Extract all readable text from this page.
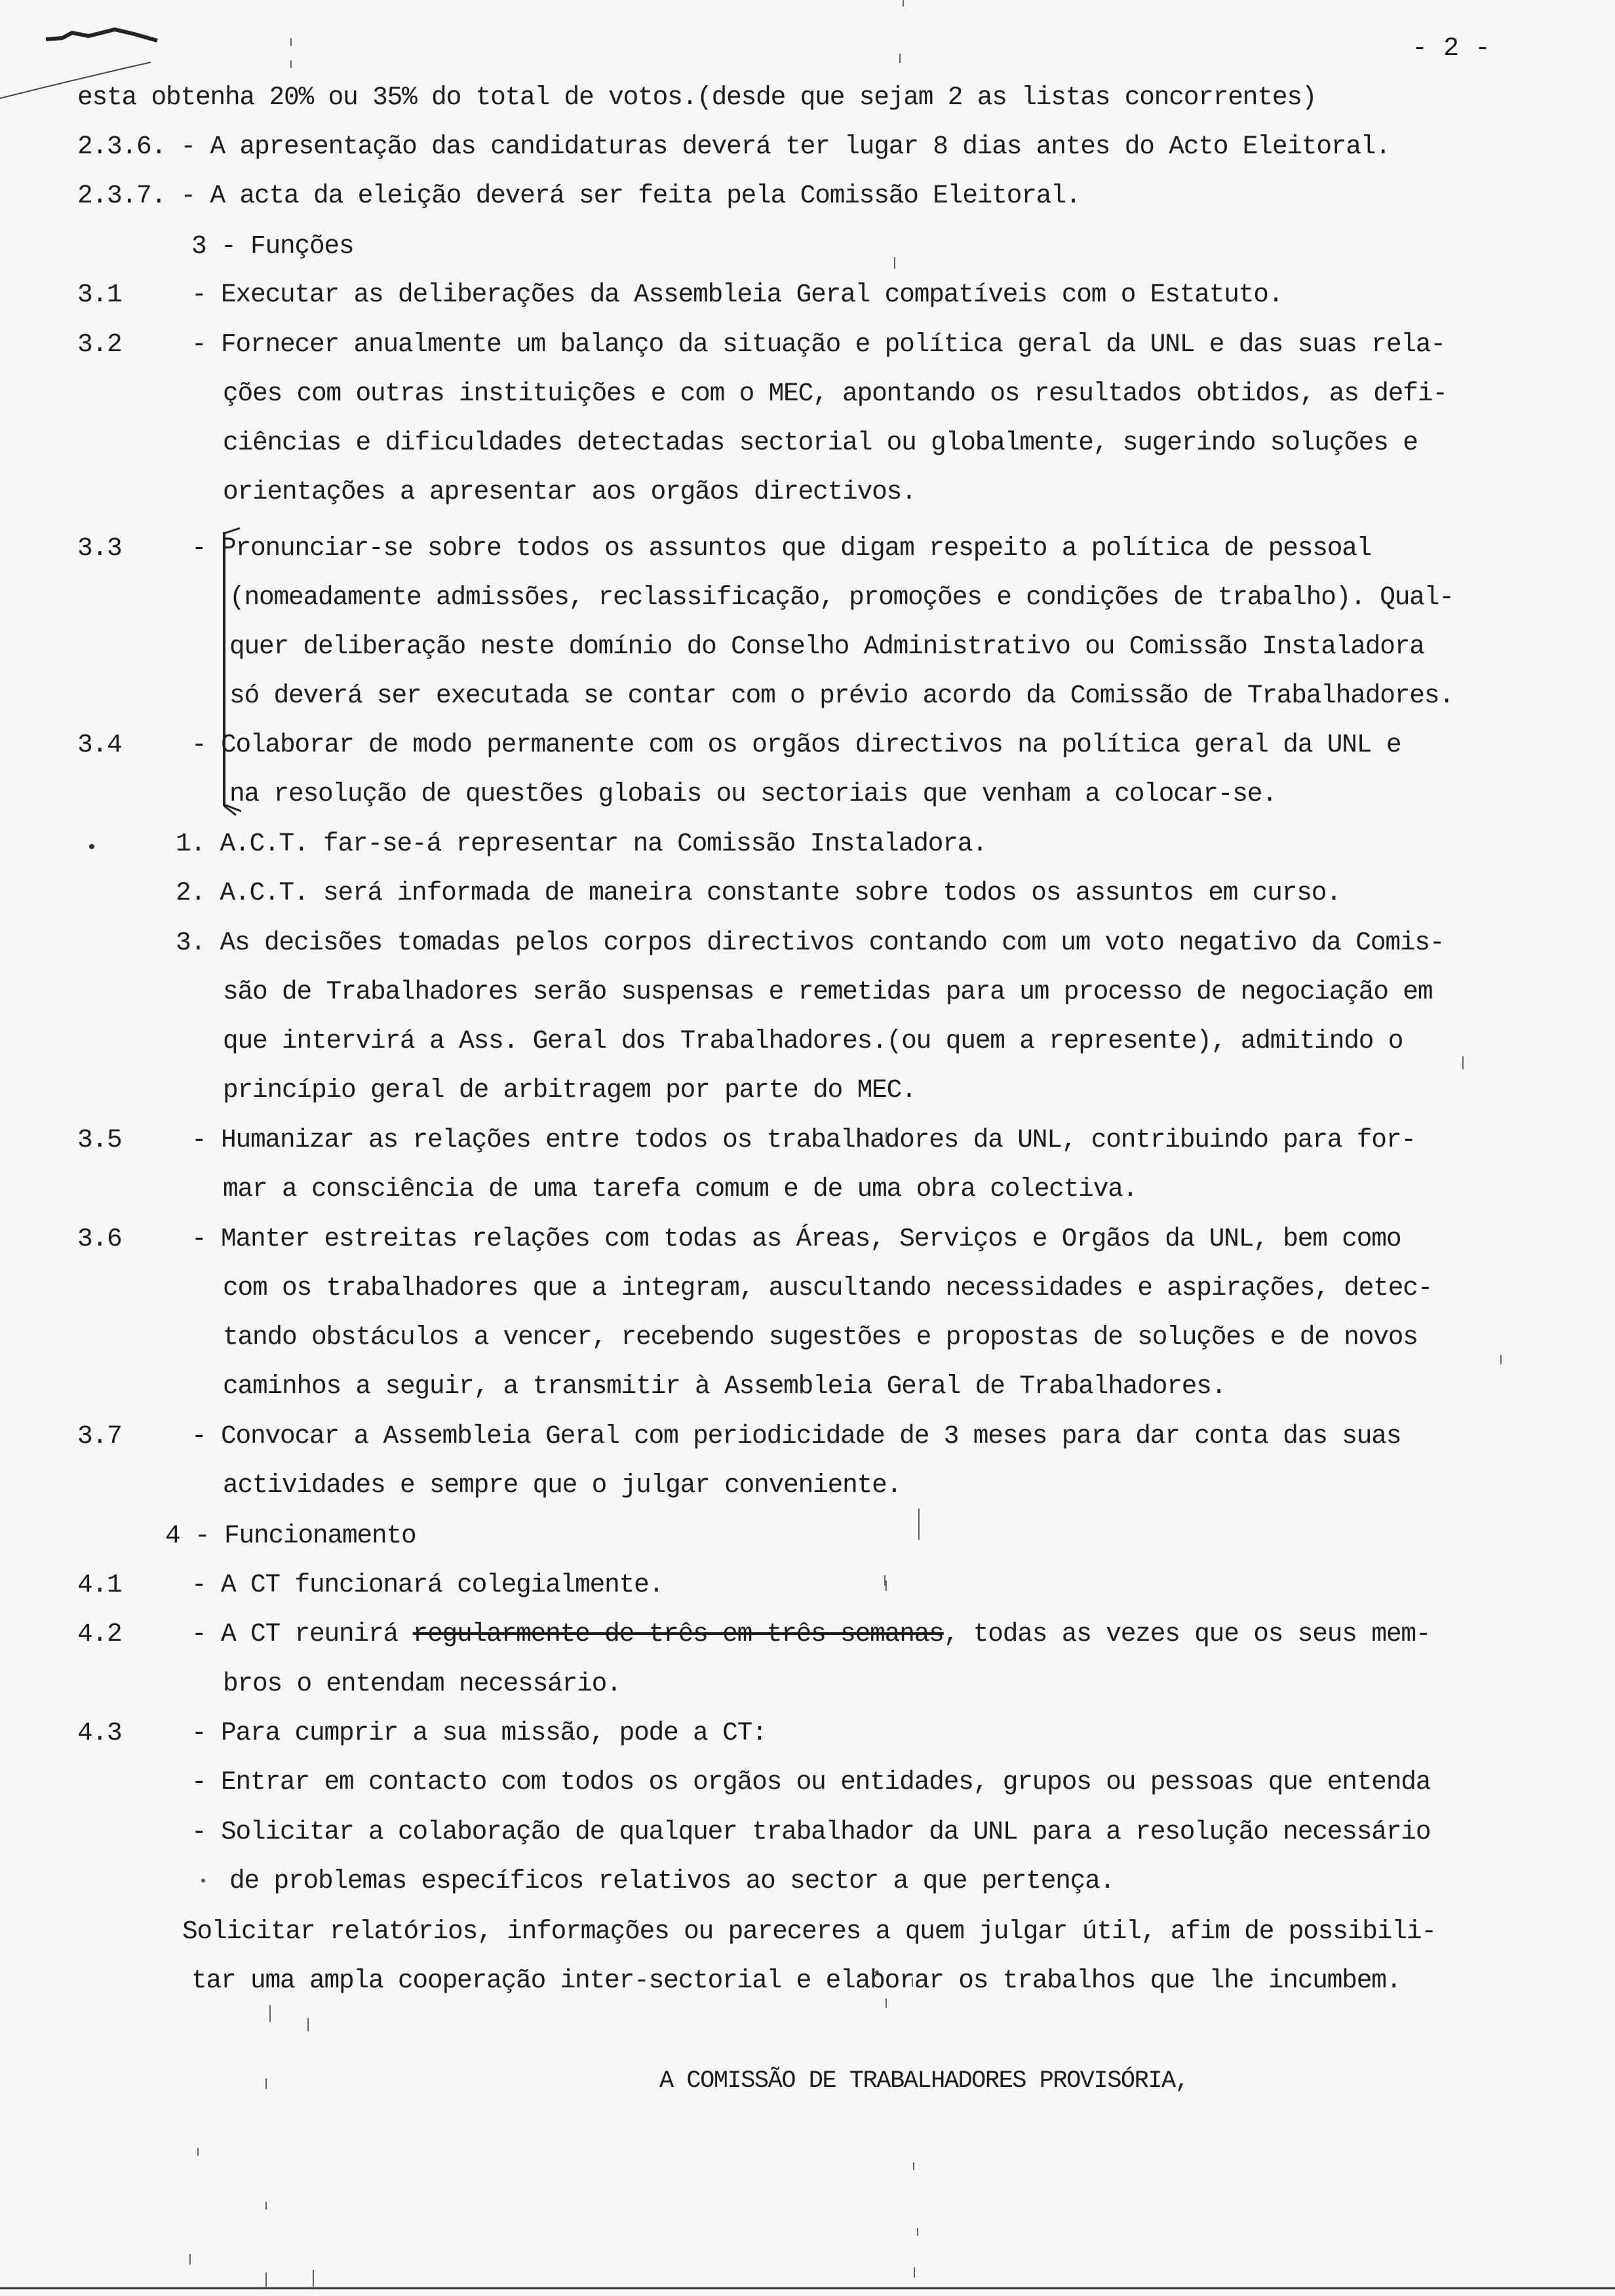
- 2 -
esta obtenha 20% ou 35% do total de votos.(desde que sejam 2 as listas concorrentes)
2.3.6. - A apresentação das candidaturas deverá ter lugar 8 dias antes do Acto Eleitoral.
2.3.7. - A acta da eleição deverá ser feita pela Comissão Eleitoral.
3 - Funções
3.1	- Executar as deliberações da Assembleia Geral compatíveis com o Estatuto.
3.2	- Fornecer anualmente um balanço da situação e política geral da UNL e das suas rela-
ções com outras instituições e com o MEC, apontando os resultados obtidos, as defi-
ciências e dificuldades detectadas sectorial ou globalmente, sugerindo soluções e
orientações a apresentar aos orgãos directivos.
3.3	- Pronunciar-se sobre todos os assuntos que digam respeito a política de pessoal
(nomeadamente admissões, reclassificação, promoções e condições de trabalho). Qual-
quer deliberação neste domínio do Conselho Administrativo ou Comissão Instaladora
só deverá ser executada se contar com o prévio acordo da Comissão de Trabalhadores.
3.4	- Colaborar de modo permanente com os orgãos directivos na política geral da UNL e
na resolução de questões globais ou sectoriais que venham a colocar-se.
1. A.C.T. far-se-á representar na Comissão Instaladora.
2. A.C.T. será informada de maneira constante sobre todos os assuntos em curso.
3. As decisões tomadas pelos corpos directivos contando com um voto negativo da Comis-
são de Trabalhadores serão suspensas e remetidas para um processo de negociação em
que intervirá a Ass. Geral dos Trabalhadores.(ou quem a represente), admitindo o
princípio geral de arbitragem por parte do MEC.
3.5	- Humanizar as relações entre todos os trabalhadores da UNL, contribuindo para for-
mar a consciência de uma tarefa comum e de uma obra colectiva.
3.6	- Manter estreitas relações com todas as Áreas, Serviços e Orgãos da UNL, bem como
com os trabalhadores que a integram, auscultando necessidades e aspirações, detec-
tando obstáculos a vencer, recebendo sugestões e propostas de soluções e de novos
caminhos a seguir, a transmitir à Assembleia Geral de Trabalhadores.
3.7	- Convocar a Assembleia Geral com periodicidade de 3 meses para dar conta das suas
actividades e sempre que o julgar conveniente.
4 - Funcionamento
4.1	- A CT funcionará colegialmente.
4.2	- A CT reunirá regularmente de três em três semanas, todas as vezes que os seus mem-
bros o entendam necessário.
4.3	- Para cumprir a sua missão, pode a CT:
- Entrar em contacto com todos os orgãos ou entidades, grupos ou pessoas que entenda
- Solicitar a colaboração de qualquer trabalhador da UNL para a resolução necessário
de problemas específicos relativos ao sector a que pertença.
Solicitar relatórios, informações ou pareceres a quem julgar útil, afim de possibili-
tar uma ampla cooperação inter-sectorial e elaborar os trabalhos que lhe incumbem.
A COMISSÃO DE TRABALHADORES PROVISÓRIA,
